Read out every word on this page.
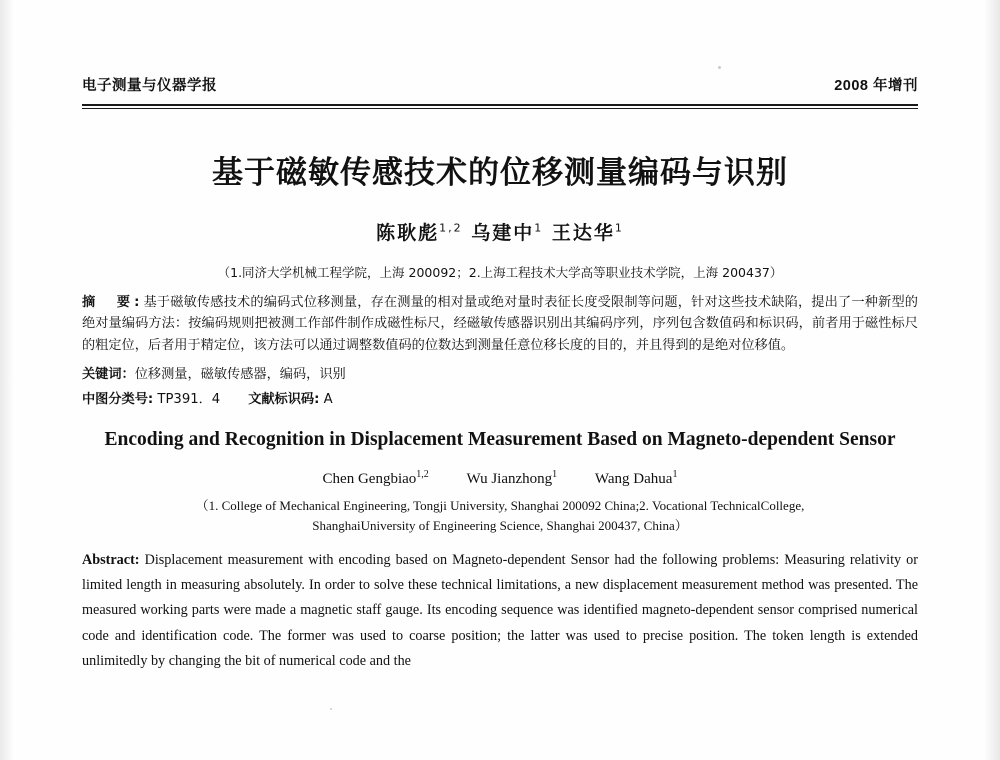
电子测量与仪器学报	2008 年增刊
基于磁敏传感技术的位移测量编码与识别
陈耿彪$^{1,2}$ 乌建中$^1$ 王达华$^1$
（1.同济大学机械工程学院，上海 200092；2.上海工程技术大学高等职业技术学院，上海 200437）
摘　要:基于磁敏传感技术的编码式位移测量，存在测量的相对量或绝对量时表征长度受限制等问题，针对这些技术缺陷，提出了一种新型的绝对量编码方法：按编码规则把被测工作部件制作成磁性标尺，经磁敏传感器识别出其编码序列，序列包含数值码和标识码，前者用于磁性标尺的粗定位，后者用于精定位，该方法可以通过调整数值码的位数达到测量任意位移长度的目的，并且得到的是绝对位移值。
关键词：位移测量，磁敏传感器，编码，识别
中图分类号: TP391．4 文献标识码: A
Encoding and Recognition in Displacement Measurement Based on Magneto-dependent Sensor
Chen Gengbiao$^{1,2}$	Wu Jianzhong$^1$	Wang Dahua$^1$
（1. College of Mechanical Engineering, Tongji University, Shanghai 200092 China;2. Vocational TechnicalCollege,
ShanghaiUniversity of Engineering Science, Shanghai 200437, China）
Abstract: Displacement measurement with encoding based on Magneto-dependent Sensor had the following problems: Measuring relativity or limited length in measuring absolutely. In order to solve these technical limitations, a new displacement measurement method was presented. The measured working parts were made a magnetic staff gauge. Its encoding sequence was identified magneto-dependent sensor comprised numerical code and identification code. The former was used to coarse position; the latter was used to precise position. The token length is extended unlimitedly by changing the bit of numerical code and the
